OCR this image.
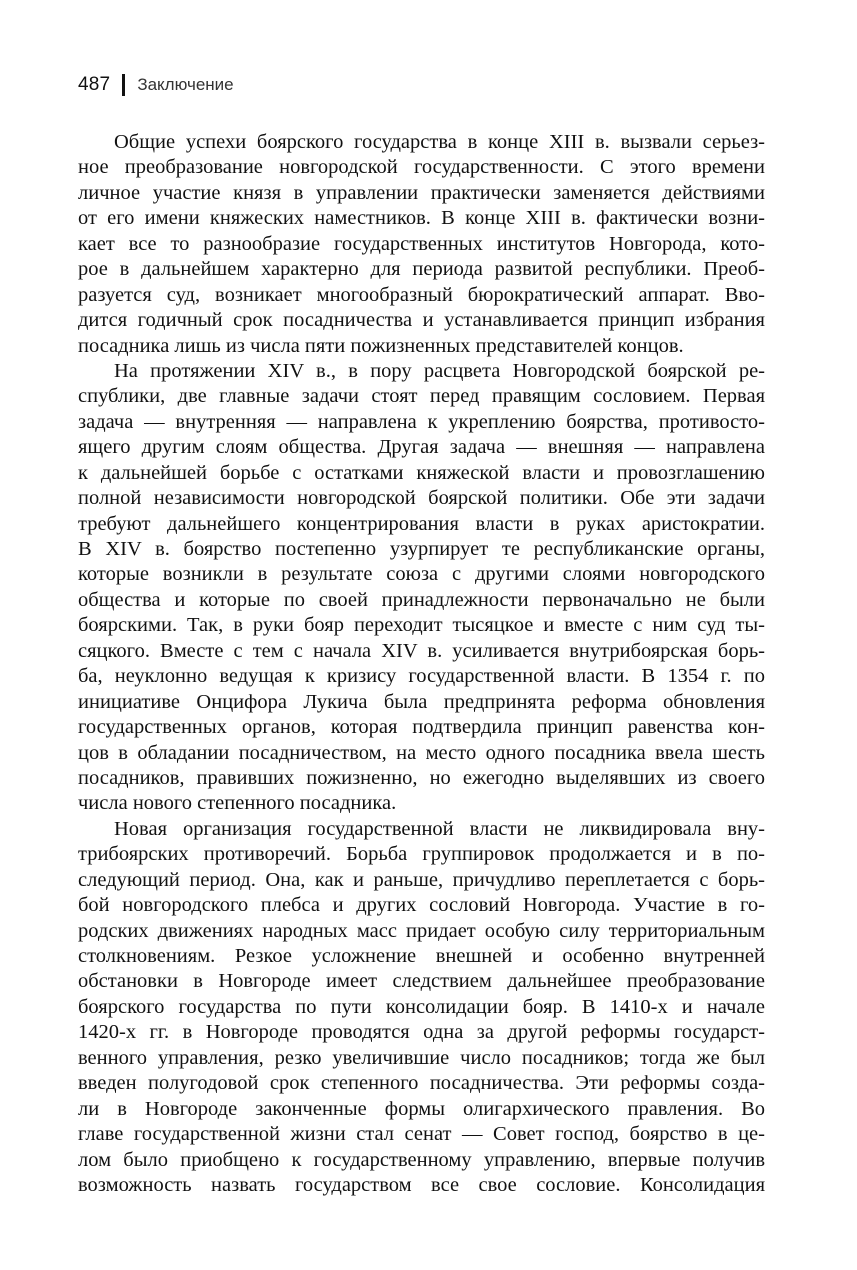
487 Заключение
Общие успехи боярского государства в конце XIII в. вызвали серьез-
ное преобразование новгородской государственности. С этого времени
личное участие князя в управлении практически заменяется действиями
от его имени княжеских наместников. В конце XIII в. фактически возни-
кает все то разнообразие государственных институтов Новгорода, кото-
рое в дальнейшем характерно для периода развитой республики. Преоб-
разуется суд, возникает многообразный бюрократический аппарат. Вво-
дится годичный срок посадничества и устанавливается принцип избрания
посадника лишь из числа пяти пожизненных представителей концов.
На протяжении XIV в., в пору расцвета Новгородской боярской ре-
спублики, две главные задачи стоят перед правящим сословием. Первая
задача — внутренняя — направлена к укреплению боярства, противосто-
ящего другим слоям общества. Другая задача — внешняя — направлена
к дальнейшей борьбе с остатками княжеской власти и провозглашению
полной независимости новгородской боярской политики. Обе эти задачи
требуют дальнейшего концентрирования власти в руках аристократии.
В XIV в. боярство постепенно узурпирует те республиканские органы,
которые возникли в результате союза с другими слоями новгородского
общества и которые по своей принадлежности первоначально не были
боярскими. Так, в руки бояр переходит тысяцкое и вместе с ним суд ты-
сяцкого. Вместе с тем с начала XIV в. усиливается внутрибоярская борь-
ба, неуклонно ведущая к кризису государственной власти. В 1354 г. по
инициативе Онцифора Лукича была предпринята реформа обновления
государственных органов, которая подтвердила принцип равенства кон-
цов в обладании посадничеством, на место одного посадника ввела шесть
посадников, правивших пожизненно, но ежегодно выделявших из своего
числа нового степенного посадника.
Новая организация государственной власти не ликвидировала вну-
трибоярских противоречий. Борьба группировок продолжается и в по-
следующий период. Она, как и раньше, причудливо переплетается с борь-
бой новгородского плебса и других сословий Новгорода. Участие в го-
родских движениях народных масс придает особую силу территориальным
столкновениям. Резкое усложнение внешней и особенно внутренней
обстановки в Новгороде имеет следствием дальнейшее преобразование
боярского государства по пути консолидации бояр. В 1410-х и начале
1420-х гг. в Новгороде проводятся одна за другой реформы государст-
венного управления, резко увеличившие число посадников; тогда же был
введен полугодовой срок степенного посадничества. Эти реформы созда-
ли в Новгороде законченные формы олигархического правления. Во
главе государственной жизни стал сенат — Совет господ, боярство в це-
лом было приобщено к государственному управлению, впервые получив
возможность назвать государством все свое сословие. Консолидация
